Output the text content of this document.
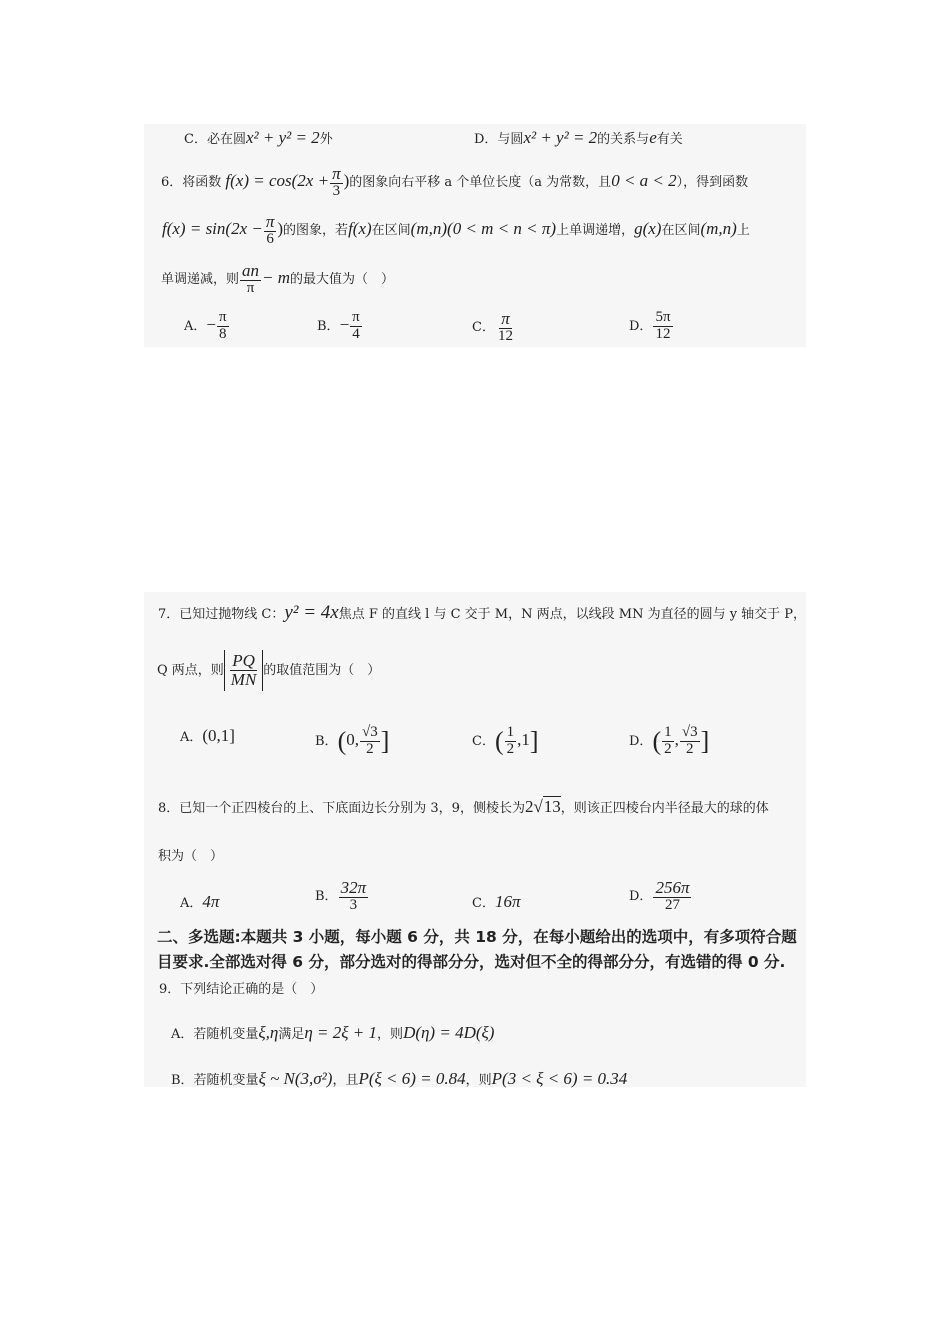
C．必在圆x² + y² = 2外	D．与圆x² + y² = 2的关系与e有关
6．将函数 $f(x) = \cos(2x + \frac{\pi}{3}$ )的图象向右平移 a 个单位长度（a 为常数，且0 < a < 2），得到函数
$f(x) = \sin(2x - \frac{\pi}{6}$ )的图象，若f(x)在区间(m,n)(0 < m < n < π)上单调递增，g(x)在区间(m,n)上
单调递减，则 $\frac{an}{\pi} - m$的最大值为（　）
A．− $\frac{\pi}{8}$	B．− $\frac{\pi}{4}$	C． $\frac{\pi}{12}$	D． $\frac{5\pi}{12}$
7．已知过抛物线 C：y² = 4x焦点 F 的直线 l 与 C 交于 M，N 两点，以线段 MN 为直径的圆与 y 轴交于 P，
Q 两点，则 $\frac{PQ}{MN}$ 的取值范围为（　）
A．(0,1]	B．(0, $\frac{√3}{2}$ ]	C．( $\frac{1}{2} ,1$]	D．( $\frac{1}{2}$ , $\frac{√3}{2}$ ]
8．已知一个正四棱台的上、下底面边长分别为 3，9，侧棱长为2√13，则该正四棱台内半径最大的球的体
积为（　）
A．4π	B． $\frac{32\pi}{3}$	C．16π	D． $\frac{256\pi}{27}$
二、多选题:本题共 3 小题，每小题 6 分，共 18 分，在每小题给出的选项中，有多项符合题
目要求.全部选对得 6 分，部分选对的得部分分，选对但不全的得部分分，有选错的得 0 分.
9．下列结论正确的是（　）
A．若随机变量ξ,η满足η = 2ξ + 1，则D(η) = 4D(ξ)
B．若随机变量ξ ~ N(3,σ²)，且P(ξ < 6) = 0.84，则P(3 < ξ < 6) = 0.34
